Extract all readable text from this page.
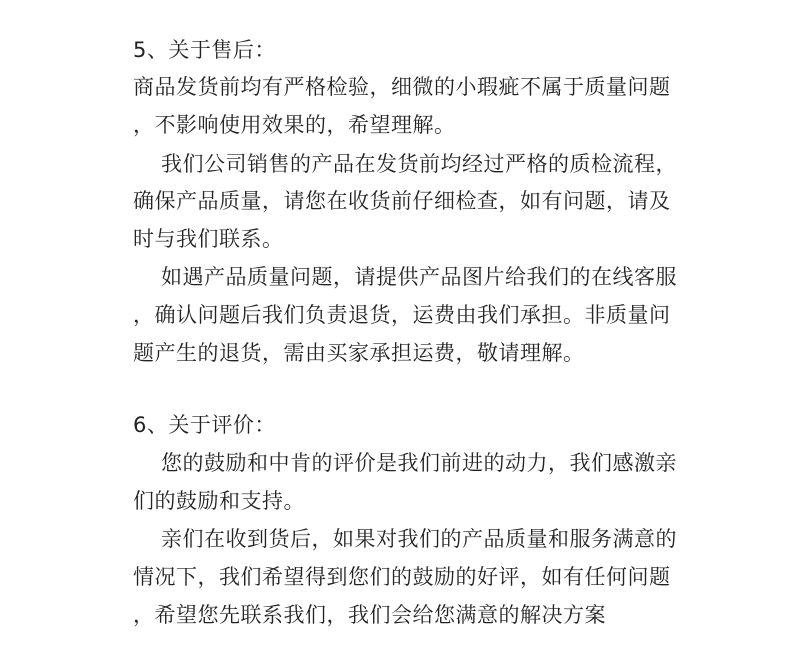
5、关于售后：
商品发货前均有严格检验，细微的小瑕疵不属于质量问题
，不影响使用效果的，希望理解。
我们公司销售的产品在发货前均经过严格的质检流程，
确保产品质量，请您在收货前仔细检查，如有问题，请及
时与我们联系。
如遇产品质量问题，请提供产品图片给我们的在线客服
，确认问题后我们负责退货，运费由我们承担。非质量问
题产生的退货，需由买家承担运费，敬请理解。
6、关于评价：
您的鼓励和中肯的评价是我们前进的动力，我们感激亲
们的鼓励和支持。
亲们在收到货后，如果对我们的产品质量和服务满意的
情况下，我们希望得到您们的鼓励的好评，如有任何问题
，希望您先联系我们，我们会给您满意的解决方案
